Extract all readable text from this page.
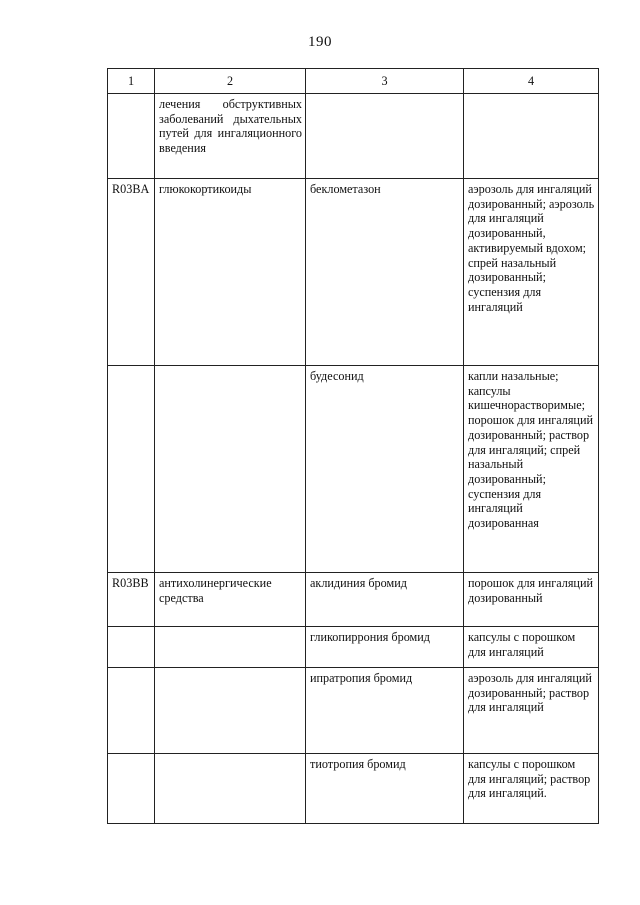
190
1	2	3	4
	лечения обструктивных заболеваний дыхательных путей для ингаляционного введения		
R03BA	глюкокортикоиды	беклометазон	аэрозоль для ингаляций дозированный; аэрозоль для ингаляций дозированный, активируемый вдохом; спрей назальный дозированный; суспензия для ингаляций
		будесонид	капли назальные; капсулы кишечнорастворимые; порошок для ингаляций дозированный; раствор для ингаляций; спрей назальный дозированный; суспензия для ингаляций дозированная
R03BB	антихолинергические средства	аклидиния бромид	порошок для ингаляций дозированный
		гликопиррония бромид	капсулы с порошком для ингаляций
		ипратропия бромид	аэрозоль для ингаляций дозированный; раствор для ингаляций
		тиотропия бромид	капсулы с порошком для ингаляций; раствор для ингаляций.
